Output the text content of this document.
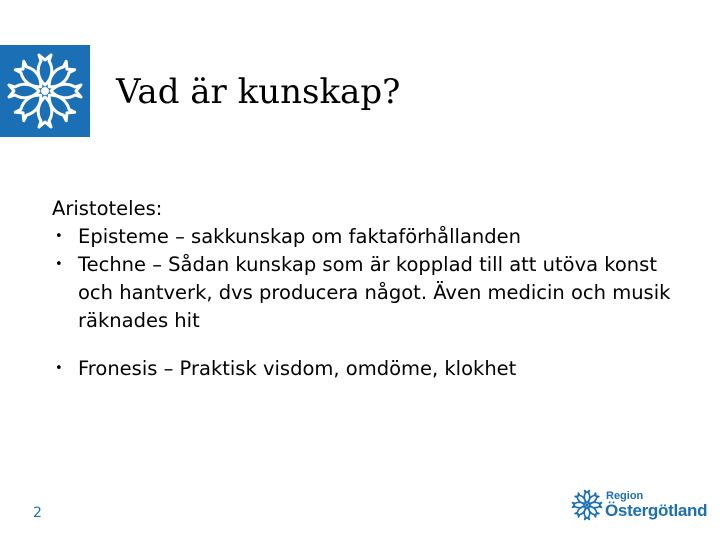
Vad är kunskap?

Aristoteles:

• Episteme – sakkunskap om faktaförhållanden
• Techne – Sådan kunskap som är kopplad till att utöva konst och hantverk, dvs producera något. Även medicin och musik räknades hit
• Fronesis – Praktisk visdom, omdöme, klokhet
2
Region
Östergötland
